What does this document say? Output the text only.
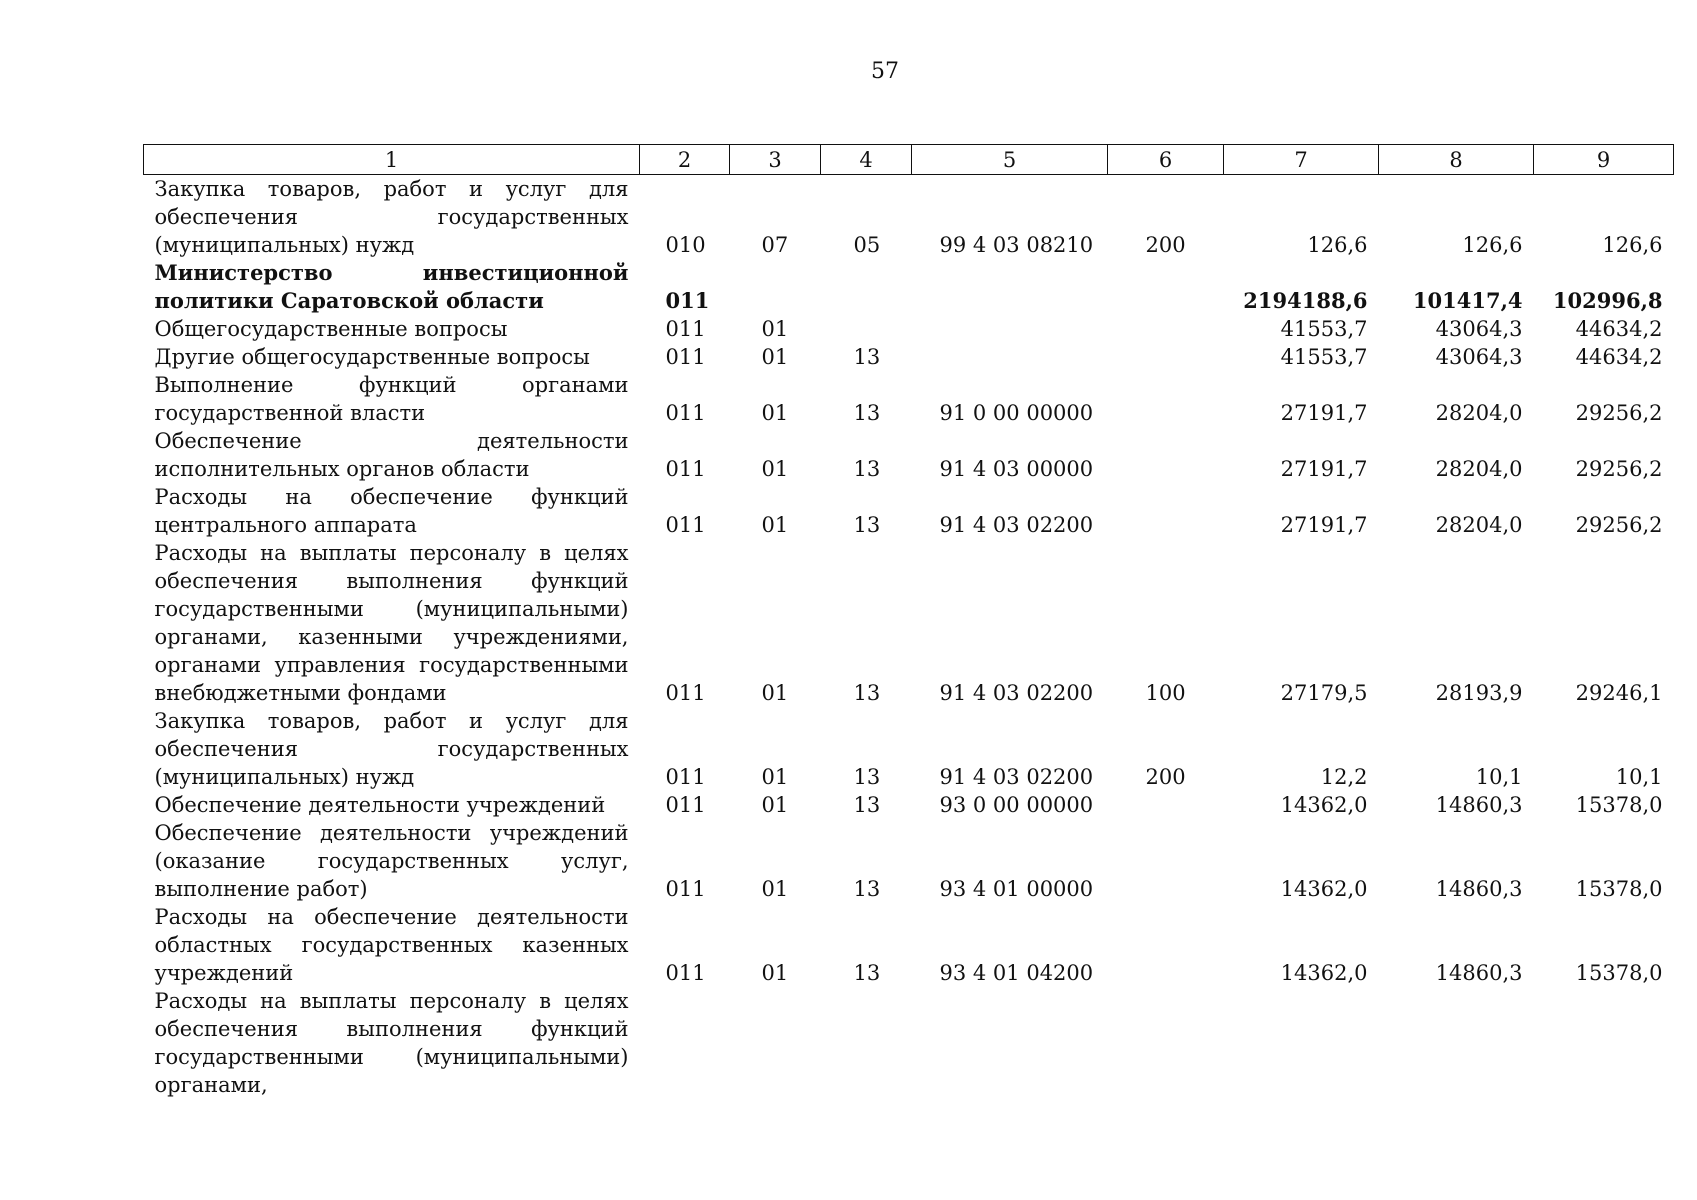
57
1	2	3	4	5	6	7	8	9
Закупка товаров, работ и услуг для обеспечения государственных (муниципальных) нужд	010	07	05	99 4 03 08210	200	126,6	126,6	126,6
Министерство инвестиционной политики Саратовской области	011					2194188,6	101417,4	102996,8
Общегосударственные вопросы	011	01				41553,7	43064,3	44634,2
Другие общегосударственные вопросы	011	01	13			41553,7	43064,3	44634,2
Выполнение функций органами государственной власти	011	01	13	91 0 00 00000		27191,7	28204,0	29256,2
Обеспечение деятельности исполнительных органов области	011	01	13	91 4 03 00000		27191,7	28204,0	29256,2
Расходы на обеспечение функций центрального аппарата	011	01	13	91 4 03 02200		27191,7	28204,0	29256,2
Расходы на выплаты персоналу в целях обеспечения выполнения функций государственными (муниципальными) органами, казенными учреждениями, органами управления государственными внебюджетными фондами	011	01	13	91 4 03 02200	100	27179,5	28193,9	29246,1
Закупка товаров, работ и услуг для обеспечения государственных (муниципальных) нужд	011	01	13	91 4 03 02200	200	12,2	10,1	10,1
Обеспечение деятельности учреждений	011	01	13	93 0 00 00000		14362,0	14860,3	15378,0
Обеспечение деятельности учреждений (оказание государственных услуг, выполнение работ)	011	01	13	93 4 01 00000		14362,0	14860,3	15378,0
Расходы на обеспечение деятельности областных государственных казенных учреждений	011	01	13	93 4 01 04200		14362,0	14860,3	15378,0
Расходы на выплаты персоналу в целях обеспечения выполнения функций государственными (муниципальными) органами,								
